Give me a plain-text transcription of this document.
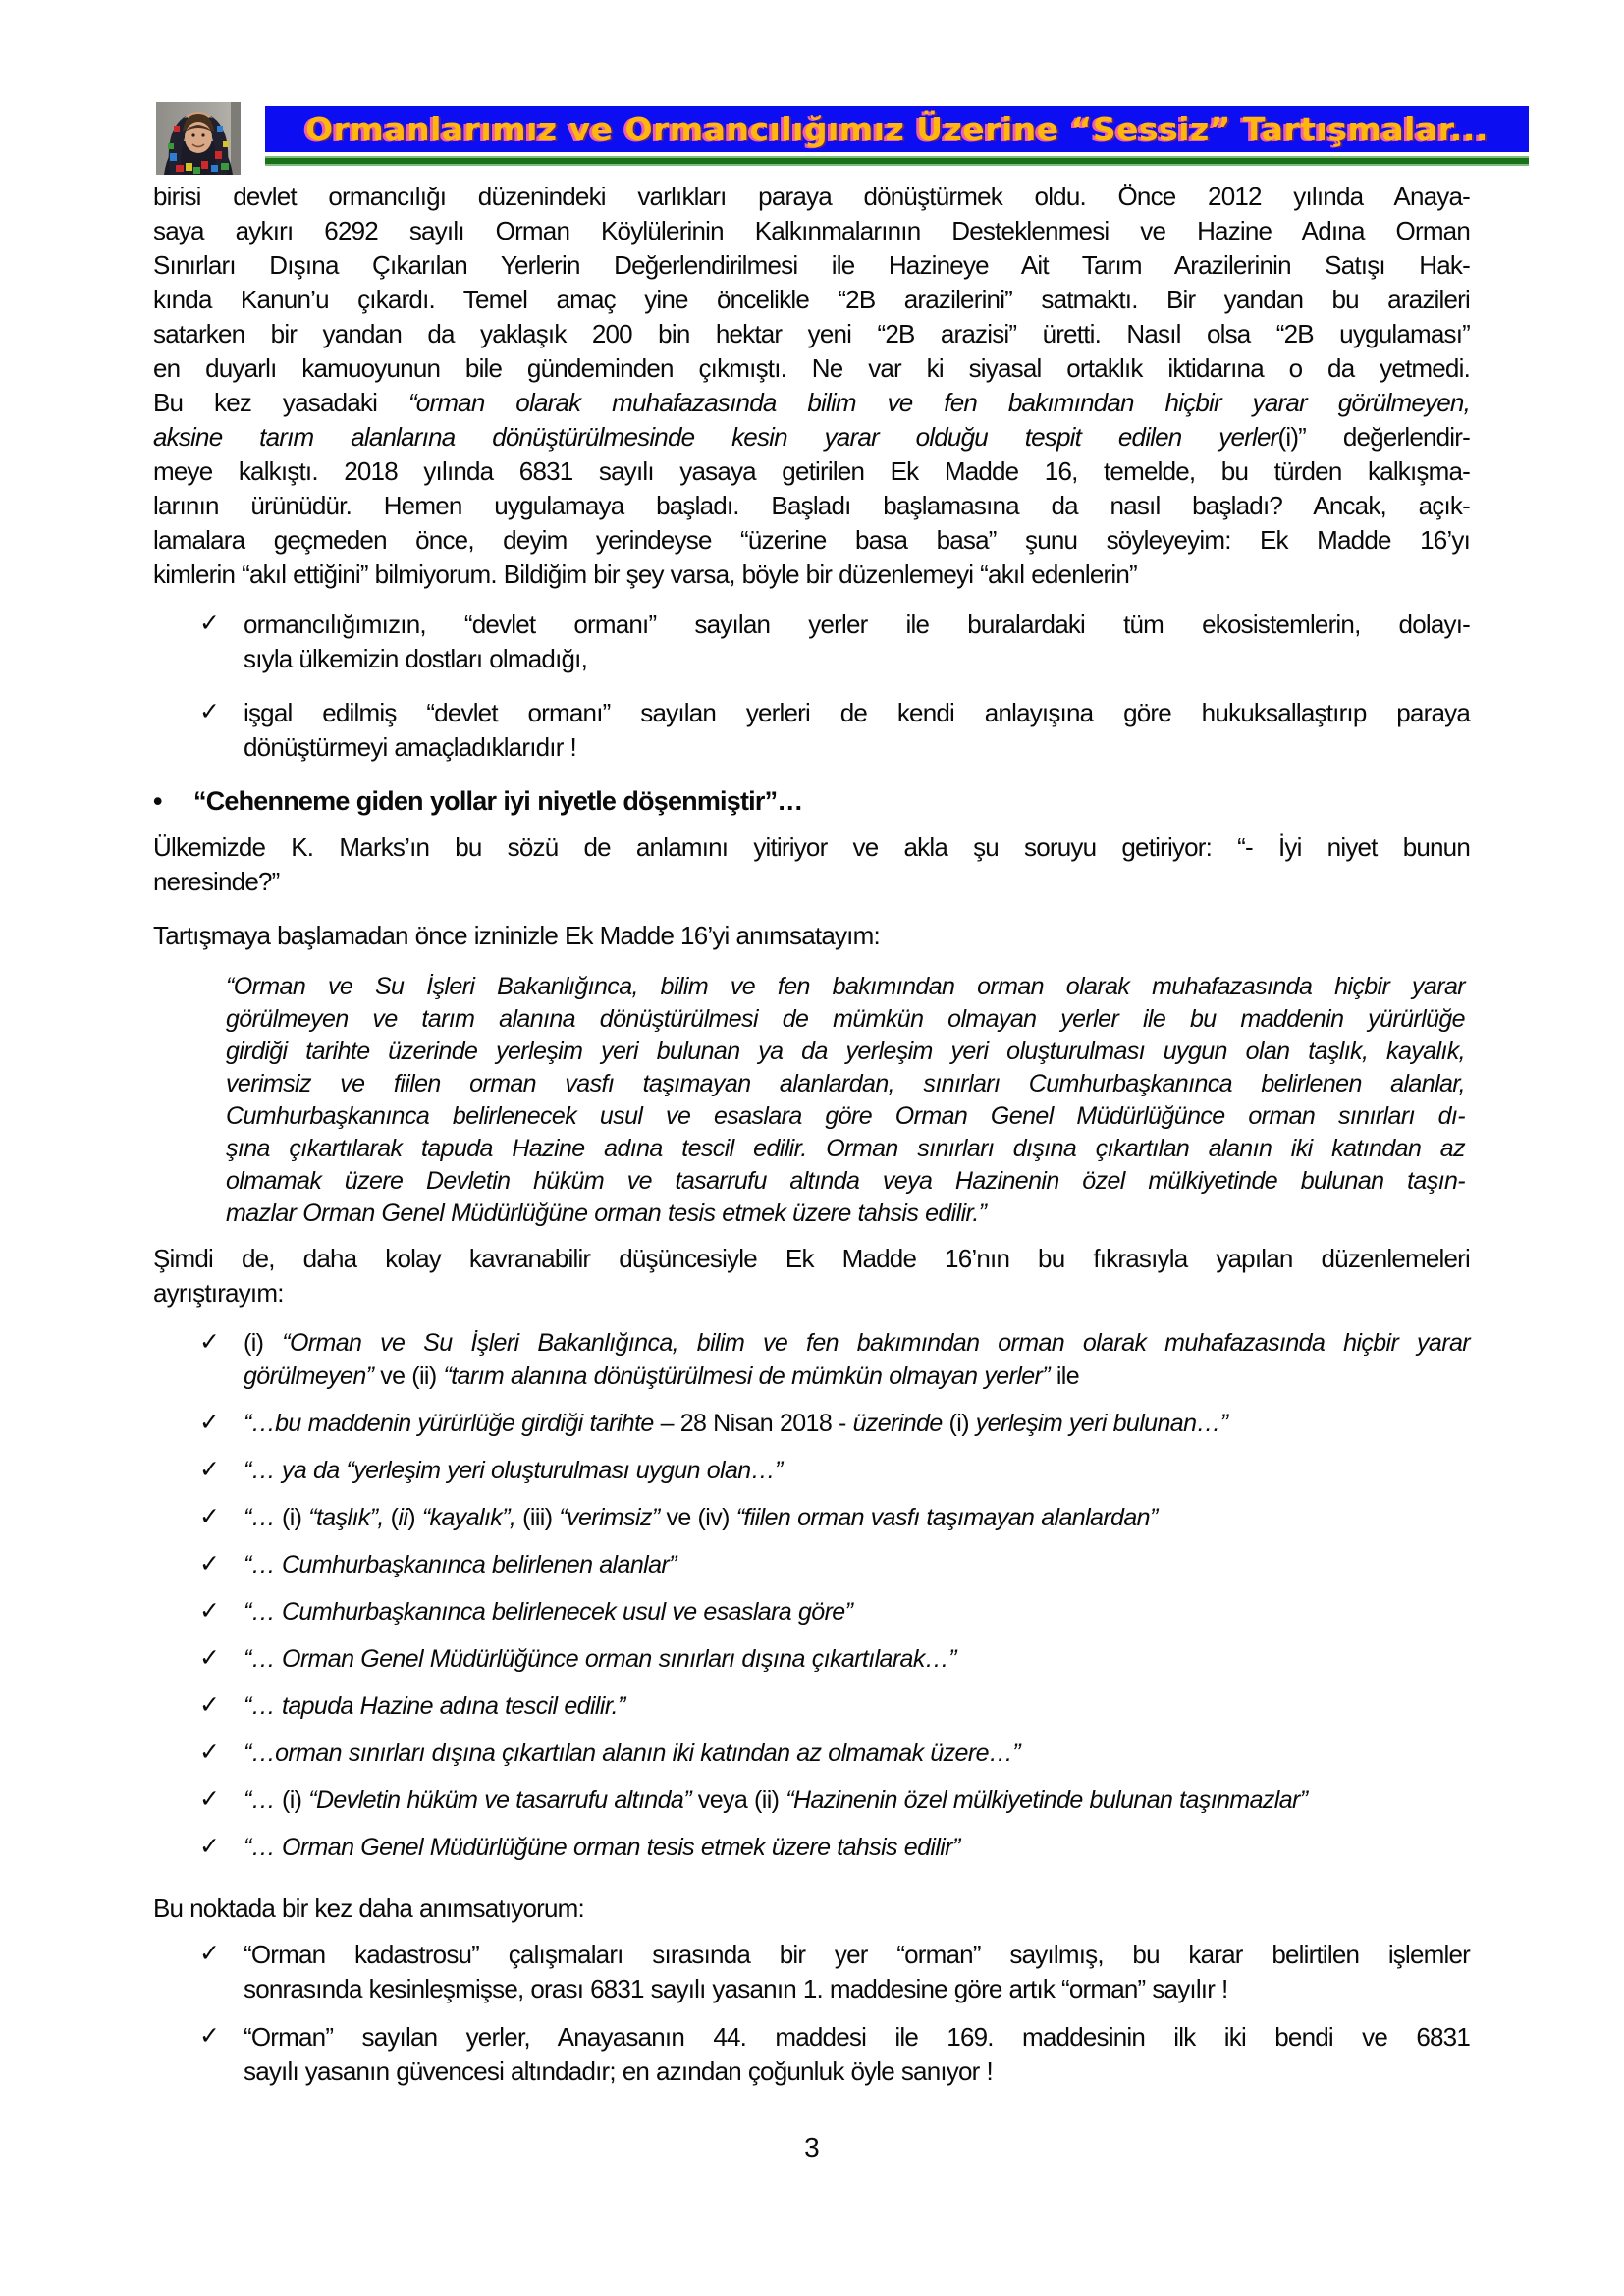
Ormanlarımız ve Ormancılığımız Üzerine “Sessiz” Tartışmalar...
birisi devlet ormancılığı düzenindeki varlıkları paraya dönüştürmek oldu. Önce 2012 yılında Anaya-
saya aykırı 6292 sayılı Orman Köylülerinin Kalkınmalarının Desteklenmesi ve Hazine Adına Orman
Sınırları Dışına Çıkarılan Yerlerin Değerlendirilmesi ile Hazineye Ait Tarım Arazilerinin Satışı Hak-
kında Kanun’u çıkardı. Temel amaç yine öncelikle “2B arazilerini” satmaktı. Bir yandan bu arazileri
satarken bir yandan da yaklaşık 200 bin hektar yeni “2B arazisi” üretti. Nasıl olsa “2B uygulaması”
en duyarlı kamuoyunun bile gündeminden çıkmıştı. Ne var ki siyasal ortaklık iktidarına o da yetmedi.
Bu kez yasadaki “orman olarak muhafazasında bilim ve fen bakımından hiçbir yarar görülmeyen,
aksine tarım alanlarına dönüştürülmesinde kesin yarar olduğu tespit edilen yerler(i)” değerlendir-
meye kalkıştı. 2018 yılında 6831 sayılı yasaya getirilen Ek Madde 16, temelde, bu türden kalkışma-
larının ürünüdür. Hemen uygulamaya başladı. Başladı başlamasına da nasıl başladı? Ancak, açık-
lamalara geçmeden önce, deyim yerindeyse “üzerine basa basa” şunu söyleyeyim: Ek Madde 16’yı
kimlerin “akıl ettiğini” bilmiyorum. Bildiğim bir şey varsa, böyle bir düzenlemeyi “akıl edenlerin”
✓ ormancılığımızın, “devlet ormanı” sayılan yerler ile buralardaki tüm ekosistemlerin, dolayı-
sıyla ülkemizin dostları olmadığı,
✓ işgal edilmiş “devlet ormanı” sayılan yerleri de kendi anlayışına göre hukuksallaştırıp paraya
dönüştürmeyi amaçladıklarıdır !
•	“Cehenneme giden yollar iyi niyetle döşenmiştir”…
Ülkemizde K. Marks’ın bu sözü de anlamını yitiriyor ve akla şu soruyu getiriyor: “- İyi niyet bunun
neresinde?”
Tartışmaya başlamadan önce izninizle Ek Madde 16’yi anımsatayım:
“Orman ve Su İşleri Bakanlığınca, bilim ve fen bakımından orman olarak muhafazasında hiçbir yarar
görülmeyen ve tarım alanına dönüştürülmesi de mümkün olmayan yerler ile bu maddenin yürürlüğe
girdiği tarihte üzerinde yerleşim yeri bulunan ya da yerleşim yeri oluşturulması uygun olan taşlık, kayalık,
verimsiz ve fiilen orman vasfı taşımayan alanlardan, sınırları Cumhurbaşkanınca belirlenen alanlar,
Cumhurbaşkanınca belirlenecek usul ve esaslara göre Orman Genel Müdürlüğünce orman sınırları dı-
şına çıkartılarak tapuda Hazine adına tescil edilir. Orman sınırları dışına çıkartılan alanın iki katından az
olmamak üzere Devletin hüküm ve tasarrufu altında veya Hazinenin özel mülkiyetinde bulunan taşın-
mazlar Orman Genel Müdürlüğüne orman tesis etmek üzere tahsis edilir.”
Şimdi de, daha kolay kavranabilir düşüncesiyle Ek Madde 16’nın bu fıkrasıyla yapılan düzenlemeleri
ayrıştırayım:
✓ (i) “Orman ve Su İşleri Bakanlığınca, bilim ve fen bakımından orman olarak muhafazasında hiçbir yarar
görülmeyen” ve (ii) “tarım alanına dönüştürülmesi de mümkün olmayan yerler” ile
✓ “…bu maddenin yürürlüğe girdiği tarihte – 28 Nisan 2018 - üzerinde (i) yerleşim yeri bulunan…”
✓ “… ya da “yerleşim yeri oluşturulması uygun olan…”
✓ “… (i) “taşlık”, (ii) “kayalık”, (iii) “verimsiz” ve (iv) “fiilen orman vasfı taşımayan alanlardan”
✓ “… Cumhurbaşkanınca belirlenen alanlar”
✓ “… Cumhurbaşkanınca belirlenecek usul ve esaslara göre”
✓ “… Orman Genel Müdürlüğünce orman sınırları dışına çıkartılarak…”
✓ “… tapuda Hazine adına tescil edilir.”
✓ “…orman sınırları dışına çıkartılan alanın iki katından az olmamak üzere…”
✓ “… (i) “Devletin hüküm ve tasarrufu altında” veya (ii) “Hazinenin özel mülkiyetinde bulunan taşınmazlar”
✓ “… Orman Genel Müdürlüğüne orman tesis etmek üzere tahsis edilir”
Bu noktada bir kez daha anımsatıyorum:
✓ “Orman kadastrosu” çalışmaları sırasında bir yer “orman” sayılmış, bu karar belirtilen işlemler
sonrasında kesinleşmişse, orası 6831 sayılı yasanın 1. maddesine göre artık “orman” sayılır !
✓ “Orman” sayılan yerler, Anayasanın 44. maddesi ile 169. maddesinin ilk iki bendi ve 6831
sayılı yasanın güvencesi altındadır; en azından çoğunluk öyle sanıyor !
3
